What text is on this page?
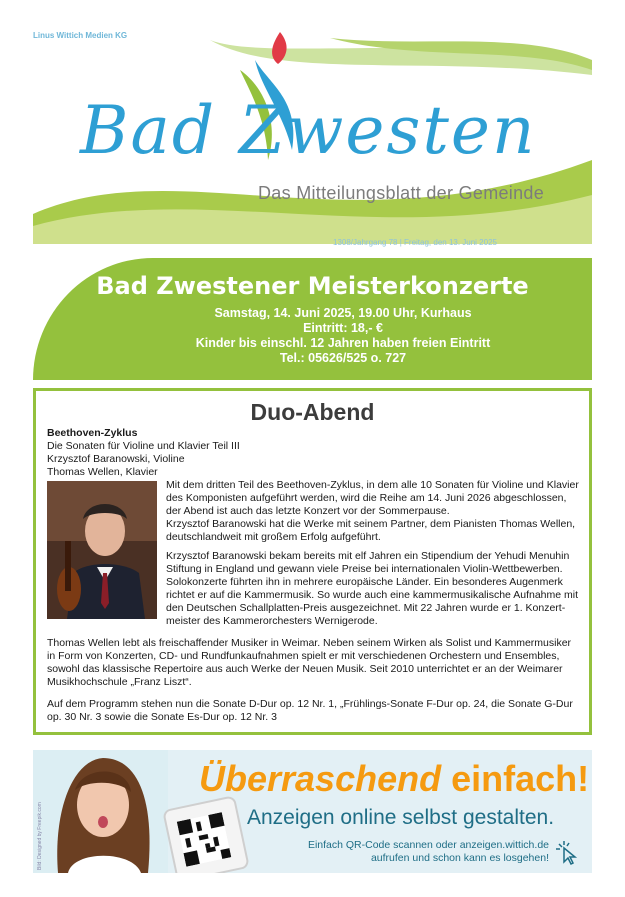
Bad Zwesten
Das Mitteilungsblatt der Gemeinde
Linus Wittich Medien KG	Nummer 24
1308/Jahrgang 78 | Freitag, den 13. Juni 2025
Bad Zwestener Meisterkonzerte
Samstag, 14. Juni 2025, 19.00 Uhr, Kurhaus
Eintritt: 18,- €
Kinder bis einschl. 12 Jahren haben freien Eintritt
Tel.: 05626/525 o. 727
Duo-Abend
Beethoven-Zyklus
Die Sonaten für Violine und Klavier Teil III
Krzysztof Baranowski, Violine
Thomas Wellen, Klavier

Mit dem dritten Teil des Beethoven-Zyklus, in dem alle 10 Sonaten für Violine und Klavier des Komponisten aufgeführt werden, wird die Reihe am 14. Juni 2026 abgeschlossen, der Abend ist auch das letzte Konzert vor der Sommerpause.

Krzysztof Baranowski hat die Werke mit seinem Partner, dem Pianisten Thomas Wellen, deutschlandweit mit großem Erfolg aufgeführt.

Krzysztof Baranowski bekam bereits mit elf Jahren ein Stipendium der Yehudi Menuhin Stiftung in England und gewann viele Preise bei internationalen Violin-Wettbewerben. Solokonzerte führten ihn in mehrere europäische Länder. Ein besonderes Augenmerk richtet er auf die Kammermusik. So wurde auch eine kammermusikalische Aufnahme mit den Deutschen Schallplatten-Preis ausgezeichnet. Mit 22 Jahren wurde er 1. Konzertmeister des Kammerorchesters Wernigerode.

Thomas Wellen lebt als freischaffender Musiker in Weimar. Neben seinem Wirken als Solist und Kammermusiker in Form von Konzerten, CD- und Rundfunkaufnahmen spielt er mit verschiedenen Orchestern und Ensembles, sowohl das klassische Repertoire aus auch Werke der Neuen Musik. Seit 2010 unterrichtet er an der Weimarer Musikhochschule „Franz Liszt“.
Auf dem Programm stehen nun die Sonate D-Dur op. 12 Nr. 1, „Frühlings-Sonate F-Dur op. 24, die Sonate G-Dur op. 30 Nr. 3 sowie die Sonate Es-Dur op. 12 Nr. 3
Bild: Designed by Freepik.com
Überraschend einfach!
Anzeigen online selbst gestalten.
Einfach QR-Code scannen oder anzeigen.wittich.de
aufrufen und schon kann es losgehen!
